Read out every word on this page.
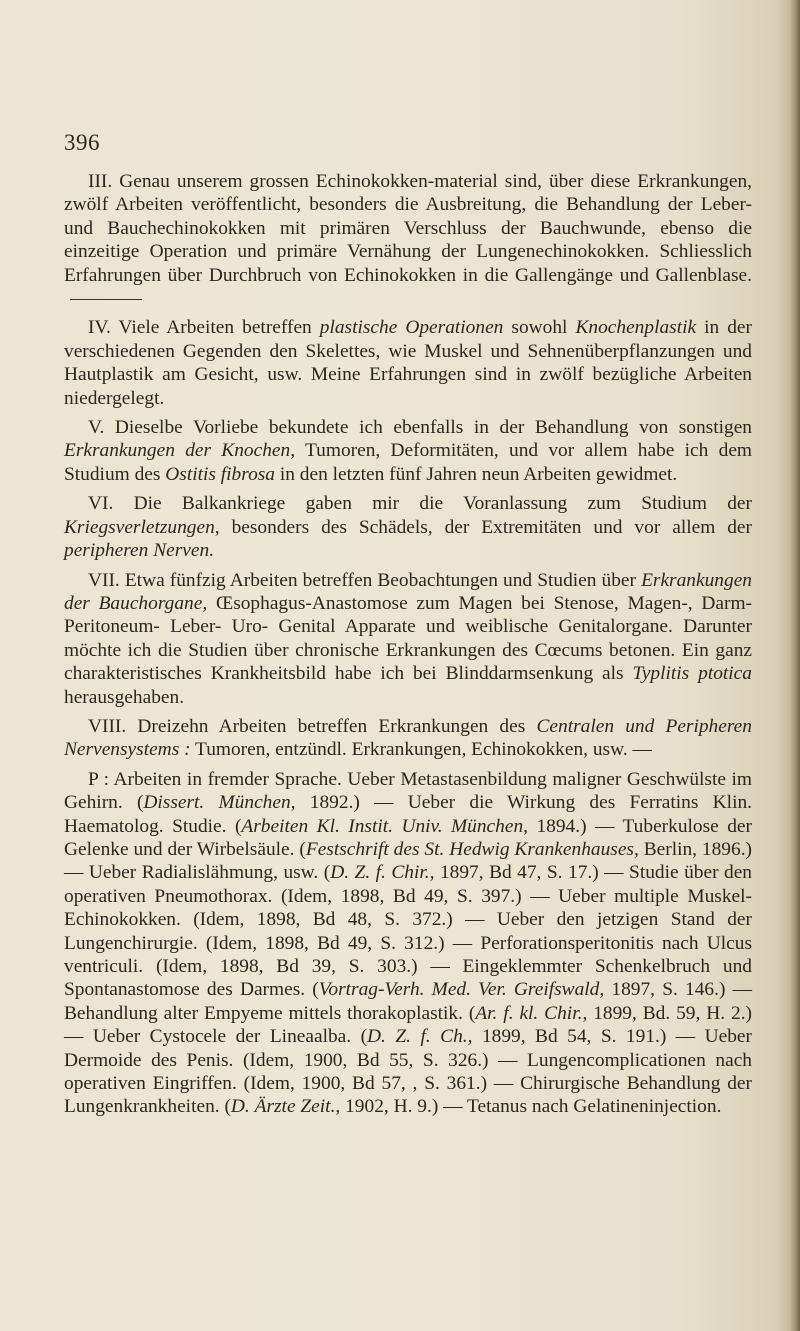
396

III. Genau unserem grossen Echinokokken-material sind, über diese Erkrankungen, zwölf Arbeiten veröffentlicht, besonders die Ausbreitung, die Behandlung der Leber- und Bauchechinokokken mit primären Verschluss der Bauchwunde, ebenso die einzeitige Operation und primäre Vernähung der Lungenechinokokken. Schliesslich Erfahrungen über Durchbruch von Echinokokken in die Gallengänge und Gallenblase.

IV. Viele Arbeiten betreffen plastische Operationen sowohl Knochenplastik in der verschiedenen Gegenden den Skelettes, wie Muskel und Sehnenüberpflanzungen und Hautplastik am Gesicht, usw. Meine Erfahrungen sind in zwölf bezügliche Arbeiten niedergelegt.

V. Dieselbe Vorliebe bekundete ich ebenfalls in der Behandlung von sonstigen Erkrankungen der Knochen, Tumoren, Deformitäten, und vor allem habe ich dem Studium des Ostitis fibrosa in den letzten fünf Jahren neun Arbeiten gewidmet.

VI. Die Balkankriege gaben mir die Voranlassung zum Studium der Kriegsverletzungen, besonders des Schädels, der Extremitäten und vor allem der peripheren Nerven.

VII. Etwa fünfzig Arbeiten betreffen Beobachtungen und Studien über Erkrankungen der Bauchorgane, Œsophagus-Anastomose zum Magen bei Stenose, Magen-, Darm- Peritoneum- Leber- Uro- Genital Apparate und weiblische Genitalorgane. Darunter möchte ich die Studien über chronische Erkrankungen des Cœcums betonen. Ein ganz charakteristisches Krankheitsbild habe ich bei Blinddarmsenkung als Typlitis ptotica herausgehaben.

VIII. Dreizehn Arbeiten betreffen Erkrankungen des Centralen und Peripheren Nervensystems : Tumoren, entzündl. Erkrankungen, Echinokokken, usw. —

P : Arbeiten in fremder Sprache. Ueber Metastasenbildung maligner Geschwülste im Gehirn. (Dissert. München, 1892.) — Ueber die Wirkung des Ferratins Klin. Haematolog. Studie. (Arbeiten Kl. Instit. Univ. München, 1894.) — Tuberkulose der Gelenke und der Wirbelsäule. (Festschrift des St. Hedwig Krankenhauses, Berlin, 1896.) — Ueber Radialislähmung, usw. (D. Z. f. Chir., 1897, Bd 47, S. 17.) — Studie über den operativen Pneumothorax. (Idem, 1898, Bd 49, S. 397.) — Ueber multiple Muskel-Echinokokken. (Idem, 1898, Bd 48, S. 372.) — Ueber den jetzigen Stand der Lungenchirurgie. (Idem, 1898, Bd 49, S. 312.) — Perforationsperitonitis nach Ulcus ventriculi. (Idem, 1898, Bd 39, S. 303.) — Eingeklemmter Schenkelbruch und Spontanastomose des Darmes. (Vortrag-Verh. Med. Ver. Greifswald, 1897, S. 146.) — Behandlung alter Empyeme mittels thorakoplastik. (Ar. f. kl. Chir., 1899, Bd. 59, H. 2.) — Ueber Cystocele der Lineaalba. (D. Z. f. Ch., 1899, Bd 54, S. 191.) — Ueber Dermoide des Penis. (Idem, 1900, Bd 55, S. 326.) — Lungencomplicationen nach operativen Eingriffen. (Idem, 1900, Bd 57, , S. 361.) — Chirurgische Behandlung der Lungenkrankheiten. (D. Ärzte Zeit., 1902, H. 9.) — Tetanus nach Gelatineninjection.
